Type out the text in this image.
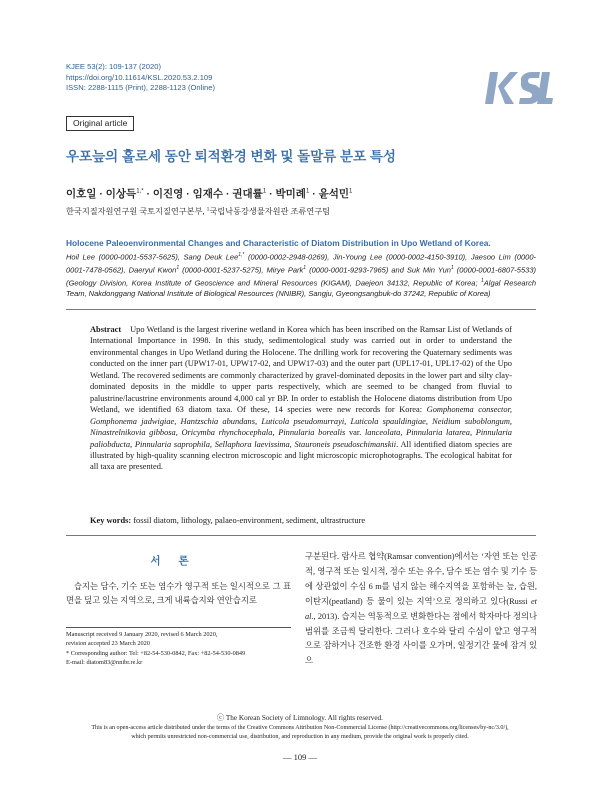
KJEE 53(2): 109-137 (2020)
https://doi.org/10.11614/KSL.2020.53.2.109
ISSN: 2288-1115 (Print), 2288-1123 (Online)
Original article
우포늪의 홀로세 동안 퇴적환경 변화 및 돌말류 분포 특성
이호일 · 이상득$^{1,*}$ · 이진영 · 임재수 · 권대률$^1$ · 박미례$^1$ · 윤석민$^1$
한국지질자원연구원 국토지질연구본부, $^1$국립낙동강생물자원관 조류연구팀
Holocene Paleoenvironmental Changes and Characteristic of Diatom Distribution in Upo Wetland of Korea.
Hoil Lee (0000-0001-5537-5625), Sang Deuk Lee$^{1,*}$ (0000-0002-2948-0269), Jin-Young Lee (0000-0002-4150-3910), Jaesoo Lim (0000-0001-7478-0562), Daeryul Kwon$^1$ (0000-0001-5237-5275), Mirye Park$^1$ (0000-0001-9293-7965) and Suk Min Yun$^1$ (0000-0001-6807-5533) (Geology Division, Korea Institute of Geoscience and Mineral Resources (KIGAM), Daejeon 34132, Republic of Korea; $^1$Algal Research Team, Nakdonggang National Institute of Biological Resources (NNIBR), Sangju, Gyeongsangbuk-do 37242, Republic of Korea)
Abstract Upo Wetland is the largest riverine wetland in Korea which has been inscribed on the Ramsar List of Wetlands of International Importance in 1998. In this study, sedimentological study was carried out in order to understand the environmental changes in Upo Wetland during the Holocene. The drilling work for recovering the Quaternary sediments was conducted on the inner part (UPW17-01, UPW17-02, and UPW17-03) and the outer part (UPL17-01, UPL17-02) of the Upo Wetland. The recovered sediments are commonly characterized by gravel-dominated deposits in the lower part and silty clay-dominated deposits in the middle to upper parts respectively, which are seemed to be changed from fluvial to palustrine/lacustrine environments around 4,000 cal yr BP. In order to establish the Holocene diatoms distribution from Upo Wetland, we identified 63 diatom taxa. Of these, 14 species were new records for Korea: Gomphonema consector, Gomphonema jadwigiae, Hantzschia abundans, Luticola pseudomurrayi, Luticola spauldingiae, Neidium suboblongum, Ninastrelnikovia gibbosa, Oricymba rhynchocephala, Pinnularia borealis var. lanceolata, Pinnularia latarea, Pinnularia paliobducta, Pinnularia saprophila, Sellaphora laevissima, Stauroneis pseudoschimanskii. All identified diatom species are illustrated by high-quality scanning electron microscopic and light microscopic microphotographs. The ecological habitat for all taxa are presented.
Key words: fossil diatom, lithology, palaeo-environment, sediment, ultrastructure
서론
습지는 담수, 기수 또는 염수가 영구적 또는 일시적으로 그 표면을 덮고 있는 지역으로, 크게 내륙습지와 연안습지로
구분된다. 람사르 협약(Ramsar convention)에서는 ‘자연 또는 인공적, 영구적 또는 일시적, 정수 또는 유수, 담수 또는 염수 및 기수 등에 상관없이 수심 6 m를 넘지 않는 해수지역을 포함하는 늪, 습원, 이탄지(peatland) 등 물이 있는 지역’으로 정의하고 있다(Russi et al., 2013). 습지는 역동적으로 변화한다는 점에서 학자마다 정의나 범위를 조금씩 달리한다. 그러나 호수와 달리 수심이 얕고 영구적으로 잠하거나 건조한 환경 사이를 오가며, 일정기간 물에 잠겨 있으
Manuscript received 9 January 2020, revised 6 March 2020,
revision accepted 23 March 2020
* Corresponding author: Tel: +82-54-530-0842, Fax: +82-54-530-0849
E-mail: diatom83@nnibr.re.kr
ⓒ The Korean Society of Limnology. All rights reserved.
This is an open-access article distributed under the terms of the Creative Commons Attribution Non-Commercial License (http://creativecommons.org/licenses/by-nc/3.0/),
which permits unrestricted non-commercial use, distribution, and reproduction in any medium, provide the original work is properly cited.
— 109 —
